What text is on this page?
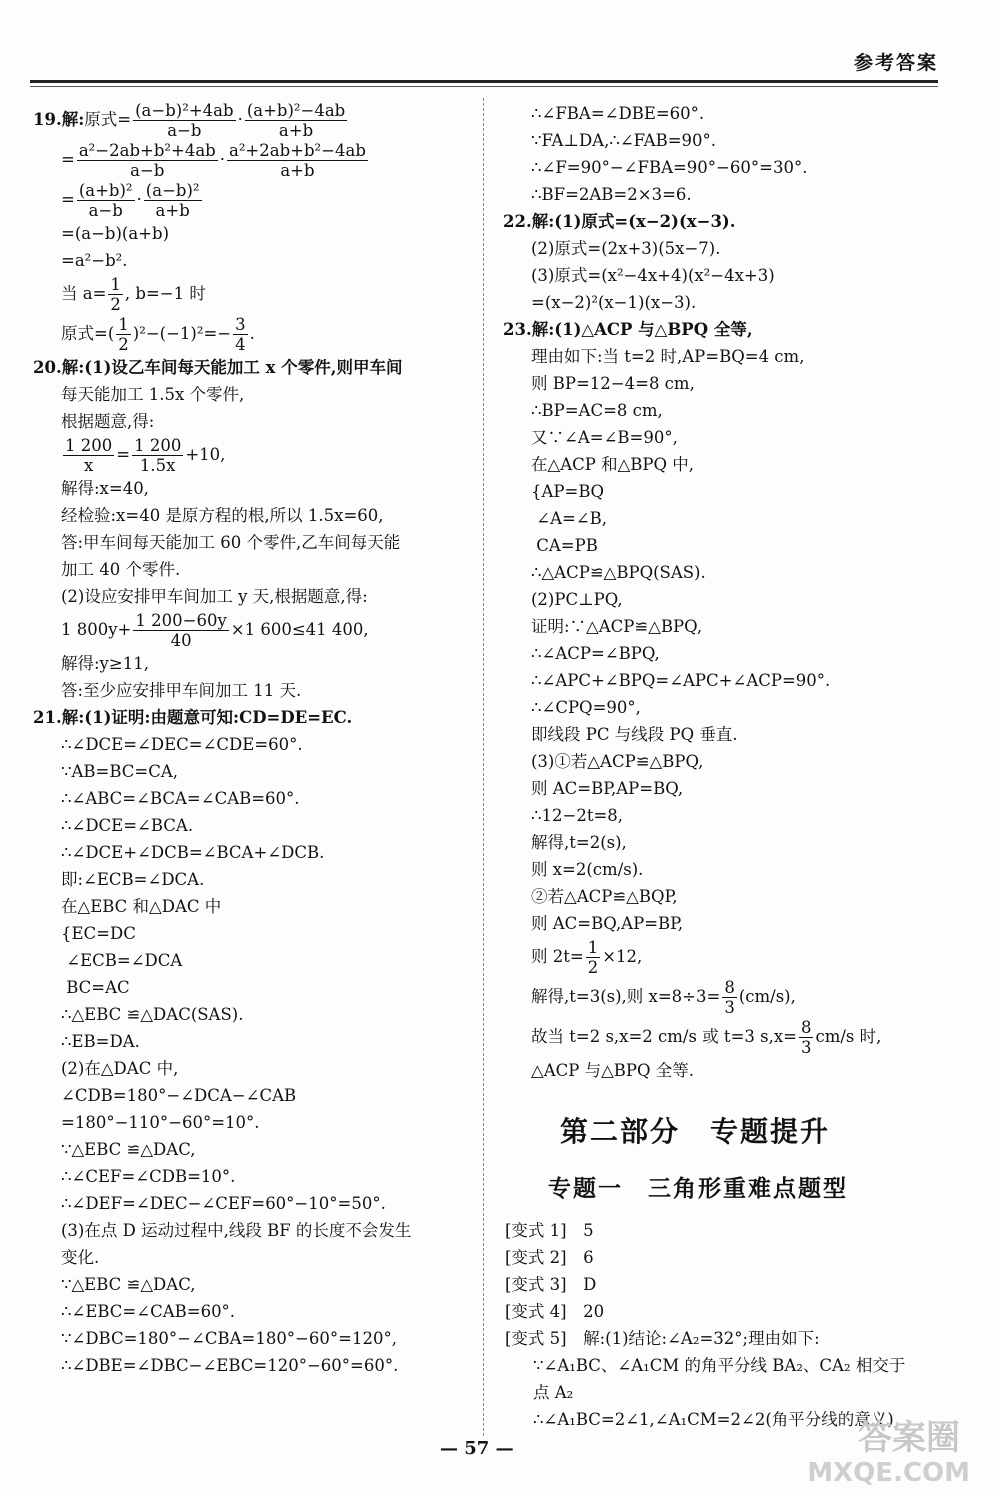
参考答案
19.解:原式= $\frac{\text{(a−b)²+4ab}}{a-b} \cdot \frac{\text{(a+b)²−4ab}}{a+b}$
= $\frac{\text{a²−2ab+b²+4ab}}{a-b} \cdot \frac{\text{a²+2ab+b²−4ab}}{a+b}$
= $\frac{\text{(a+b)²}}{a-b} \cdot \frac{\text{(a−b)²}}{a+b}$
=(a−b)(a+b)
=a²−b².
当 $a= \frac{1}{2}$ , b=−1 时
原式=( $\frac{1}{2} )^2-(-1)^2=- \frac{3}{4}$ .
20.解:(1)设乙车间每天能加工 x 个零件,则甲车间
每天能加工 1.5x 个零件,
根据题意,得:
$\frac{1 200}{x} = \frac{1 200}{1.5x} +10$,
解得:x=40,
经检验:x=40 是原方程的根,所以 1.5x=60,
答:甲车间每天能加工 60 个零件,乙车间每天能
加工 40 个零件.
(2)设应安排甲车间加工 y 天,根据题意,得:
1 $800y+ \frac{1 200-60y}{40} \times 1$ 600≤41 400,
解得:y≥11,
答:至少应安排甲车间加工 11 天.
21.解:(1)证明:由题意可知:CD=DE=EC.
∴∠DCE=∠DEC=∠CDE=60°.
∵AB=BC=CA,
∴∠ABC=∠BCA=∠CAB=60°.
∴∠DCE=∠BCA.
∴∠DCE+∠DCB=∠BCA+∠DCB.
即:∠ECB=∠DCA.
在△EBC 和△DAC 中
{EC=DC
∠ECB=∠DCA
BC=AC
∴△EBC ≌△DAC(SAS).
∴EB=DA.
(2)在△DAC 中,
∠CDB=180°−∠DCA−∠CAB
=180°−110°−60°=10°.
∵△EBC ≌△DAC,
∴∠CEF=∠CDB=10°.
∴∠DEF=∠DEC−∠CEF=60°−10°=50°.
(3)在点 D 运动过程中,线段 BF 的长度不会发生
变化.
∵△EBC ≌△DAC,
∴∠EBC=∠CAB=60°.
∵∠DBC=180°−∠CBA=180°−60°=120°,
∴∠DBE=∠DBC−∠EBC=120°−60°=60°.
∴∠FBA=∠DBE=60°.
∵FA⊥DA,∴∠FAB=90°.
∴∠F=90°−∠FBA=90°−60°=30°.
∴BF=2AB=2×3=6.
22.解:(1)原式=(x−2)(x−3).
(2)原式=(2x+3)(5x−7).
(3)原式=(x²−4x+4)(x²−4x+3)
=(x−2)²(x−1)(x−3).
23.解:(1)△ACP 与△BPQ 全等,
理由如下:当 t=2 时,AP=BQ=4 cm,
则 BP=12−4=8 cm,
∴BP=AC=8 cm,
又∵∠A=∠B=90°,
在△ACP 和△BPQ 中,
{AP=BQ
∠A=∠B,
CA=PB
∴△ACP≌△BPQ(SAS).
(2)PC⊥PQ,
证明:∵△ACP≌△BPQ,
∴∠ACP=∠BPQ,
∴∠APC+∠BPQ=∠APC+∠ACP=90°.
∴∠CPQ=90°,
即线段 PC 与线段 PQ 垂直.
(3)①若△ACP≌△BPQ,
则 AC=BP,AP=BQ,
∴12−2t=8,
解得,t=2(s),
则 x=2(cm/s).
②若△ACP≌△BQP,
则 AC=BQ,AP=BP,
则 $2t= \frac{1}{2} \times 12$,
解得,t=3(s),则 $x=8\div 3= \frac{8}{3} (cm/s)$,
故当 t=2 s,x=2 cm/s 或 t=3 $s,x= \frac{8}{3} cm/s$ 时,
△ACP 与△BPQ 全等.
第二部分　专题提升
专题一　三角形重难点题型
[变式 1]　5
[变式 2]　6
[变式 3]　D
[变式 4]　20
[变式 5]　解:(1)结论:∠A₂=32°;理由如下:
∵∠A₁BC、∠A₁CM 的角平分线 BA₂、CA₂ 相交于
点 A₂
∴∠A₁BC=2∠1,∠A₁CM=2∠2(角平分线的意义)
— 57 —	答案圈
MXQE.COM
